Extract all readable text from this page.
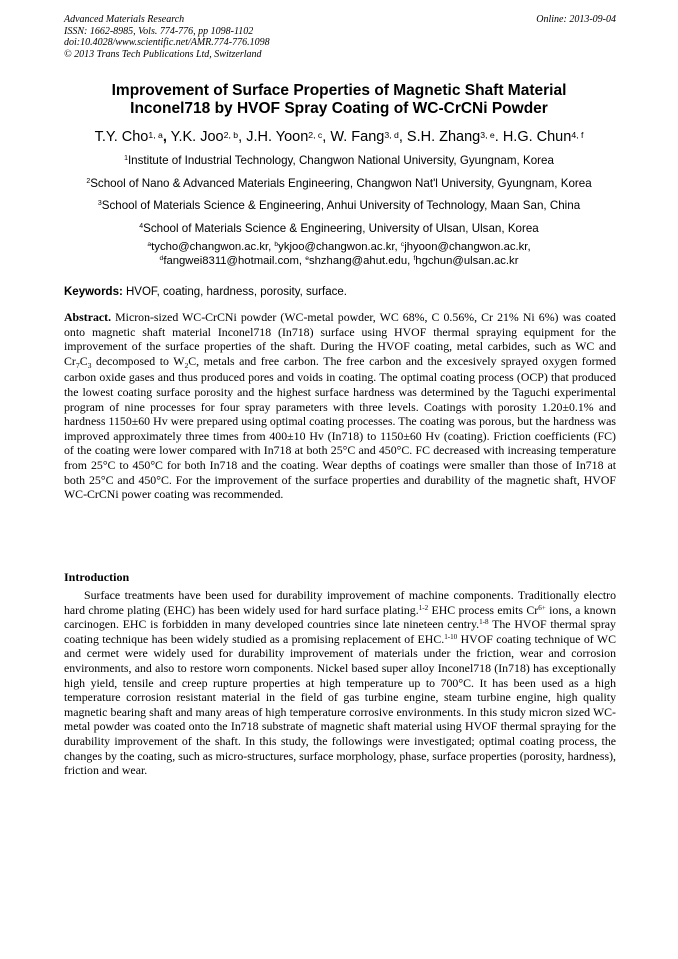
Advanced Materials Research
ISSN: 1662-8985, Vols. 774-776, pp 1098-1102
doi:10.4028/www.scientific.net/AMR.774-776.1098
© 2013 Trans Tech Publications Ltd, Switzerland
Online: 2013-09-04
Improvement of Surface Properties of Magnetic Shaft Material
Inconel718 by HVOF Spray Coating of WC-CrCNi Powder
T.Y. Cho$^{1, a}$, Y.K. Joo$^{2, b}$, J.H. Yoon$^{2, c}$, W. Fang$^{3, d}$, S.H. Zhang$^{3, e}$. H.G. Chun$^{4, f}$
$^1$Institute of Industrial Technology, Changwon National University, Gyungnam, Korea
$^2$School of Nano & Advanced Materials Engineering, Changwon Nat'l University, Gyungnam, Korea
$^3$School of Materials Science & Engineering, Anhui University of Technology, Maan San, China
$^4$School of Materials Science & Engineering, University of Ulsan, Ulsan, Korea
$^a$tycho@changwon.ac.kr, $^b$ykjoo@changwon.ac.kr, $^c$jhyoon@changwon.ac.kr,
$^d$fangwei8311@hotmail.com, $^e$shzhang@ahut.edu, $^f$hgchun@ulsan.ac.kr
Keywords: HVOF, coating, hardness, porosity, surface.

Abstract. Micron-sized WC-CrCNi powder (WC-metal powder, WC 68%, C 0.56%, Cr 21% Ni 6%) was coated onto magnetic shaft material Inconel718 (In718) surface using HVOF thermal spraying equipment for the improvement of the surface properties of the shaft. During the HVOF coating, metal carbides, such as WC and $Cr_7C_3$ decomposed to $W_2C$, metals and free carbon. The free carbon and the excesively sprayed oxygen formed carbon oxide gases and thus produced pores and voids in coating. The optimal coating process (OCP) that produced the lowest coating surface porosity and the highest surface hardness was determined by the Taguchi experimental program of nine processes for four spray parameters with three levels. Coatings with porosity 1.20±0.1% and hardness 1150±60 Hv were prepared using optimal coating processes. The coating was porous, but the hardness was improved approximately three times from 400±10 Hv (In718) to 1150±60 Hv (coating). Friction coefficients (FC) of the coating were lower compared with In718 at both 25°C and 450°C. FC decreased with increasing temperature from 25°C to 450°C for both In718 and the coating. Wear depths of coatings were smaller than those of In718 at both 25°C and 450°C. For the improvement of the surface properties and durability of the magnetic shaft, HVOF WC-CrCNi power coating was recommended.

Introduction

Surface treatments have been used for durability improvement of machine components. Traditionally electro hard chrome plating (EHC) has been widely used for hard surface plating.$^{1-2}$ EHC process emits $Cr^{6+}$ ions, a known carcinogen. EHC is forbidden in many developed countries since late nineteen centry.$^{1-8}$ The HVOF thermal spray coating technique has been widely studied as a promising replacement of EHC.$^{1-10}$ HVOF coating technique of WC and cermet were widely used for durability improvement of materials under the friction, wear and corrosion environments, and also to restore worn components. Nickel based super alloy Inconel718 (In718) has exceptionally high yield, tensile and creep rupture properties at high temperature up to 700°C. It has been used as a high temperature corrosion resistant material in the field of gas turbine engine, steam turbine engine, high quality magnetic bearing shaft and many areas of high temperature corrosive environments. In this study micron sized WC-metal powder was coated onto the In718 substrate of magnetic shaft material using HVOF thermal spraying for the durability improvement of the shaft. In this study, the followings were investigated; optimal coating process, the changes by the coating, such as micro-structures, surface morphology, phase, surface properties (porosity, hardness), friction and wear.
